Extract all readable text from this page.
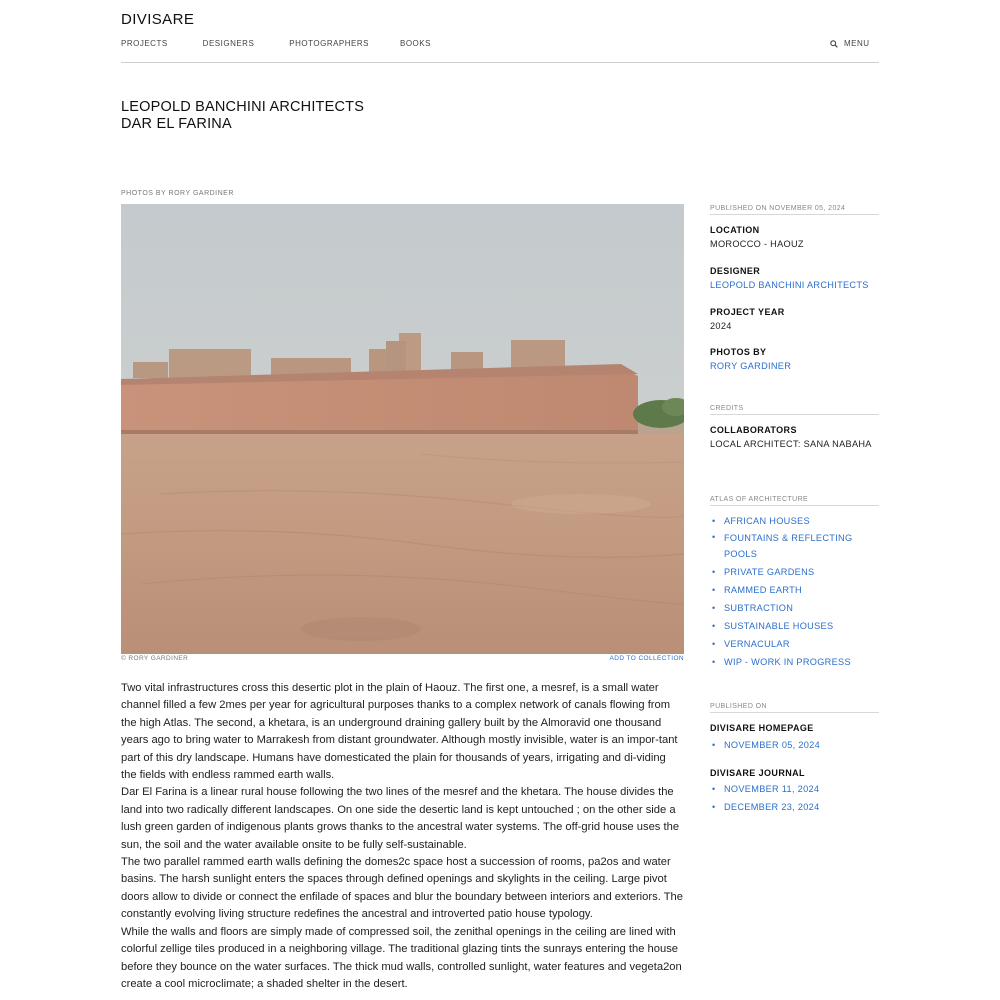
DIVISARE
PROJECTS	DESIGNERS	PHOTOGRAPHERS	BOOKS	MENU
LEOPOLD BANCHINI ARCHITECTS
DAR EL FARINA
PHOTOS BY RORY GARDINER
© RORY GARDINER	ADD TO COLLECTION

Two vital infrastructures cross this desertic plot in the plain of Haouz. The first one, a mesref, is a small water channel filled a few 2mes per year for agricultural purposes thanks to a complex network of canals flowing from the high Atlas. The second, a khetara, is an underground draining gallery built by the Almoravid one thousand years ago to bring water to Marrakesh from distant groundwater. Although mostly invisible, water is an impor-tant part of this dry landscape. Humans have domesticated the plain for thousands of years, irrigating and di-viding the fields with endless rammed earth walls.

Dar El Farina is a linear rural house following the two lines of the mesref and the khetara. The house divides the land into two radically different landscapes. On one side the desertic land is kept untouched ; on the other side a lush green garden of indigenous plants grows thanks to the ancestral water systems. The off-grid house uses the sun, the soil and the water available onsite to be fully self-sustainable.

The two parallel rammed earth walls defining the domes2c space host a succession of rooms, pa2os and water basins. The harsh sunlight enters the spaces through defined openings and skylights in the ceiling. Large pivot doors allow to divide or connect the enfilade of spaces and blur the boundary between interiors and exteriors. The constantly evolving living structure redefines the ancestral and introverted patio house typology.

While the walls and floors are simply made of compressed soil, the zenithal openings in the ceiling are lined with colorful zellige tiles produced in a neighboring village. The traditional glazing tints the sunrays entering the house before they bounce on the water surfaces. The thick mud walls, controlled sunlight, water features and vegeta2on create a cool microclimate; a shaded shelter in the desert.

PUBLISHED ON NOVEMBER 05, 2024
LOCATION
MOROCCO - HAOUZ
DESIGNER
LEOPOLD BANCHINI ARCHITECTS
PROJECT YEAR
2024
PHOTOS BY
RORY GARDINER
CREDITS
COLLABORATORS
LOCAL ARCHITECT: SANA NABAHA
ATLAS OF ARCHITECTURE
• AFRICAN HOUSES
• FOUNTAINS & REFLECTING POOLS
• PRIVATE GARDENS
• RAMMED EARTH
• SUBTRACTION
• SUSTAINABLE HOUSES
• VERNACULAR
• WIP - WORK IN PROGRESS
PUBLISHED ON
DIVISARE HOMEPAGE
• NOVEMBER 05, 2024
DIVISARE JOURNAL
• NOVEMBER 11, 2024
• DECEMBER 23, 2024
